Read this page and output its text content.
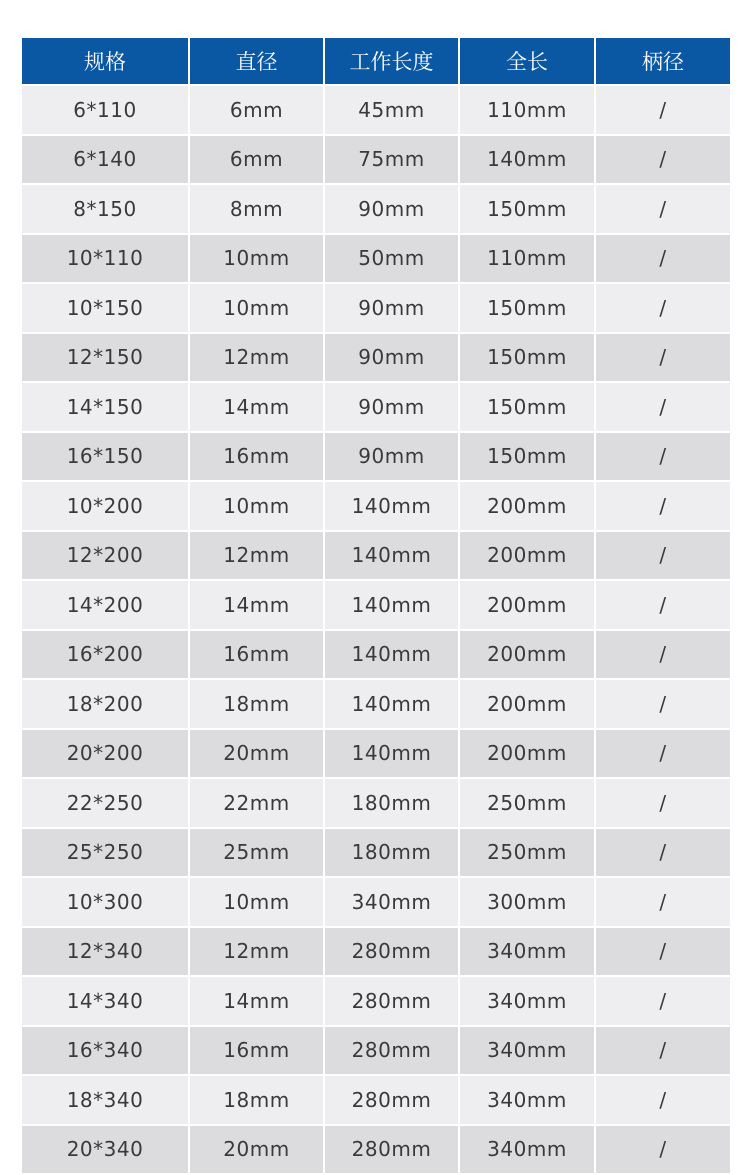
规格	直径	工作长度	全长	柄径
6*110	6mm	45mm	110mm	/
6*140	6mm	75mm	140mm	/
8*150	8mm	90mm	150mm	/
10*110	10mm	50mm	110mm	/
10*150	10mm	90mm	150mm	/
12*150	12mm	90mm	150mm	/
14*150	14mm	90mm	150mm	/
16*150	16mm	90mm	150mm	/
10*200	10mm	140mm	200mm	/
12*200	12mm	140mm	200mm	/
14*200	14mm	140mm	200mm	/
16*200	16mm	140mm	200mm	/
18*200	18mm	140mm	200mm	/
20*200	20mm	140mm	200mm	/
22*250	22mm	180mm	250mm	/
25*250	25mm	180mm	250mm	/
10*300	10mm	340mm	300mm	/
12*340	12mm	280mm	340mm	/
14*340	14mm	280mm	340mm	/
16*340	16mm	280mm	340mm	/
18*340	18mm	280mm	340mm	/
20*340	20mm	280mm	340mm	/
